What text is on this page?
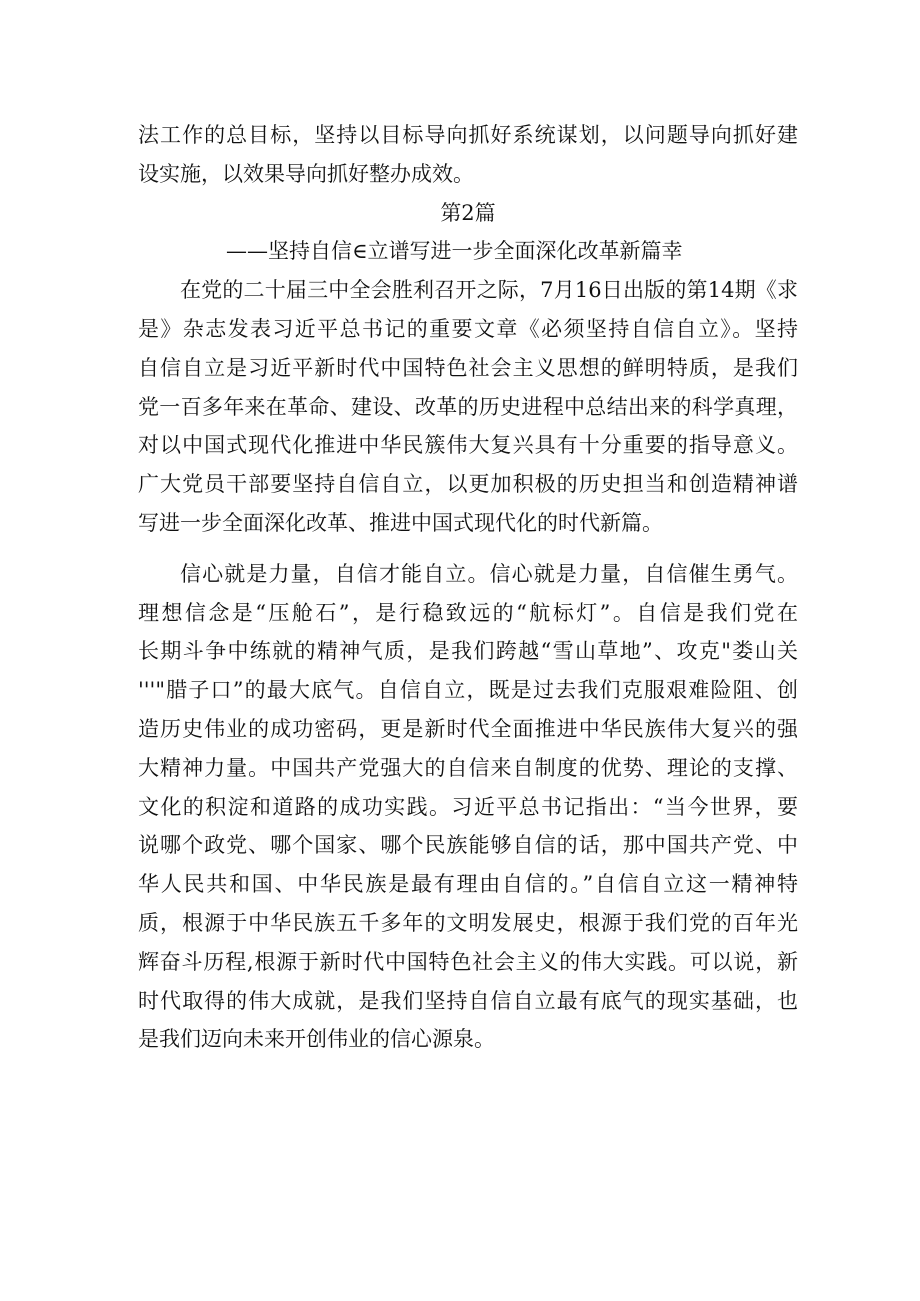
法工作的总目标，坚持以目标导向抓好系统谋划，以问题导向抓好建
设实施，以效果导向抓好整办成效。
第2篇
——坚持自信∈立谱写进一步全面深化改革新篇幸
在党的二十届三中全会胜利召开之际，7月16日出版的第14期《求
是》杂志发表习近平总书记的重要文章《必须坚持自信自立》。坚持
自信自立是习近平新时代中国特色社会主义思想的鲜明特质，是我们
党一百多年来在革命、建设、改革的历史进程中总结出来的科学真理，
对以中国式现代化推进中华民簇伟大复兴具有十分重要的指导意义。
广大党员干部要坚持自信自立，以更加积极的历史担当和创造精神谱
写进一步全面深化改革、推进中国式现代化的时代新篇。
信心就是力量，自信才能自立。信心就是力量，自信催生勇气。
理想信念是“压舱石”，是行稳致远的“航标灯”。自信是我们党在
长期斗争中练就的精神气质，是我们跨越“雪山草地”、攻克"娄山关
'''"腊子口”的最大底气。自信自立，既是过去我们克服艰难险阻、创
造历史伟业的成功密码，更是新时代全面推进中华民族伟大复兴的强
大精神力量。中国共产党强大的自信来自制度的优势、理论的支撑、
文化的积淀和道路的成功实践。习近平总书记指出：“当今世界，要
说哪个政党、哪个国家、哪个民族能够自信的话，那中国共产党、中
华人民共和国、中华民族是最有理由自信的。”自信自立这一精神特
质，根源于中华民族五千多年的文明发展史，根源于我们党的百年光
辉奋斗历程,根源于新时代中国特色社会主义的伟大实践。可以说，新
时代取得的伟大成就，是我们坚持自信自立最有底气的现实基础，也
是我们迈向未来开创伟业的信心源泉。
